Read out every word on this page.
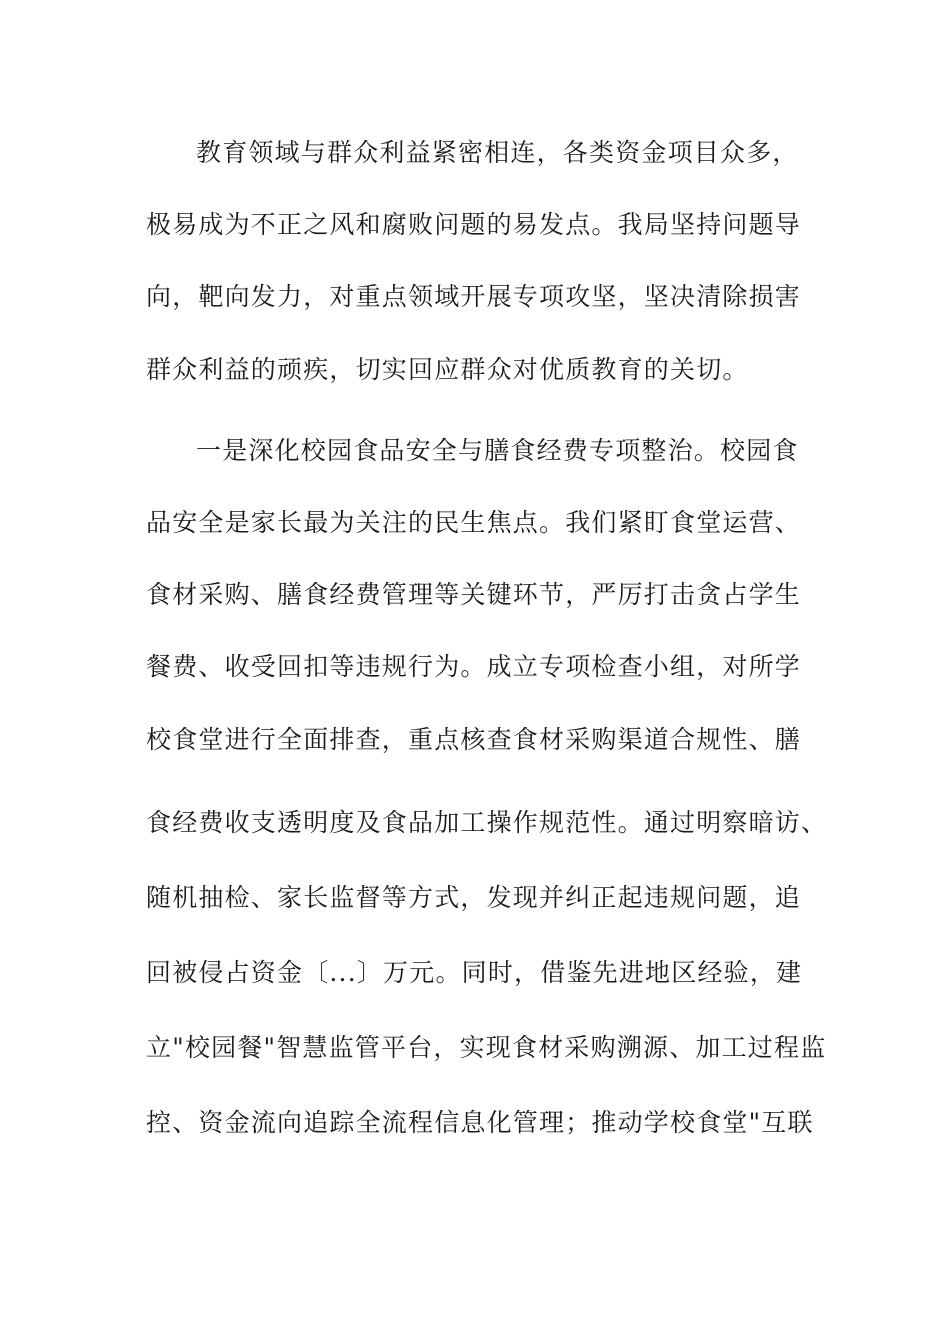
教育领域与群众利益紧密相连，各类资金项目众多，
极易成为不正之风和腐败问题的易发点。我局坚持问题导
向，靶向发力，对重点领域开展专项攻坚，坚决清除损害
群众利益的顽疾，切实回应群众对优质教育的关切。
一是深化校园食品安全与膳食经费专项整治。校园食
品安全是家长最为关注的民生焦点。我们紧盯食堂运营、
食材采购、膳食经费管理等关键环节，严厉打击贪占学生
餐费、收受回扣等违规行为。成立专项检查小组，对所学
校食堂进行全面排查，重点核查食材采购渠道合规性、膳
食经费收支透明度及食品加工操作规范性。通过明察暗访、
随机抽检、家长监督等方式，发现并纠正起违规问题，追
回被侵占资金〔...〕万元。同时，借鉴先进地区经验，建
立"校园餐"智慧监管平台，实现食材采购溯源、加工过程监
控、资金流向追踪全流程信息化管理；推动学校食堂"互联
